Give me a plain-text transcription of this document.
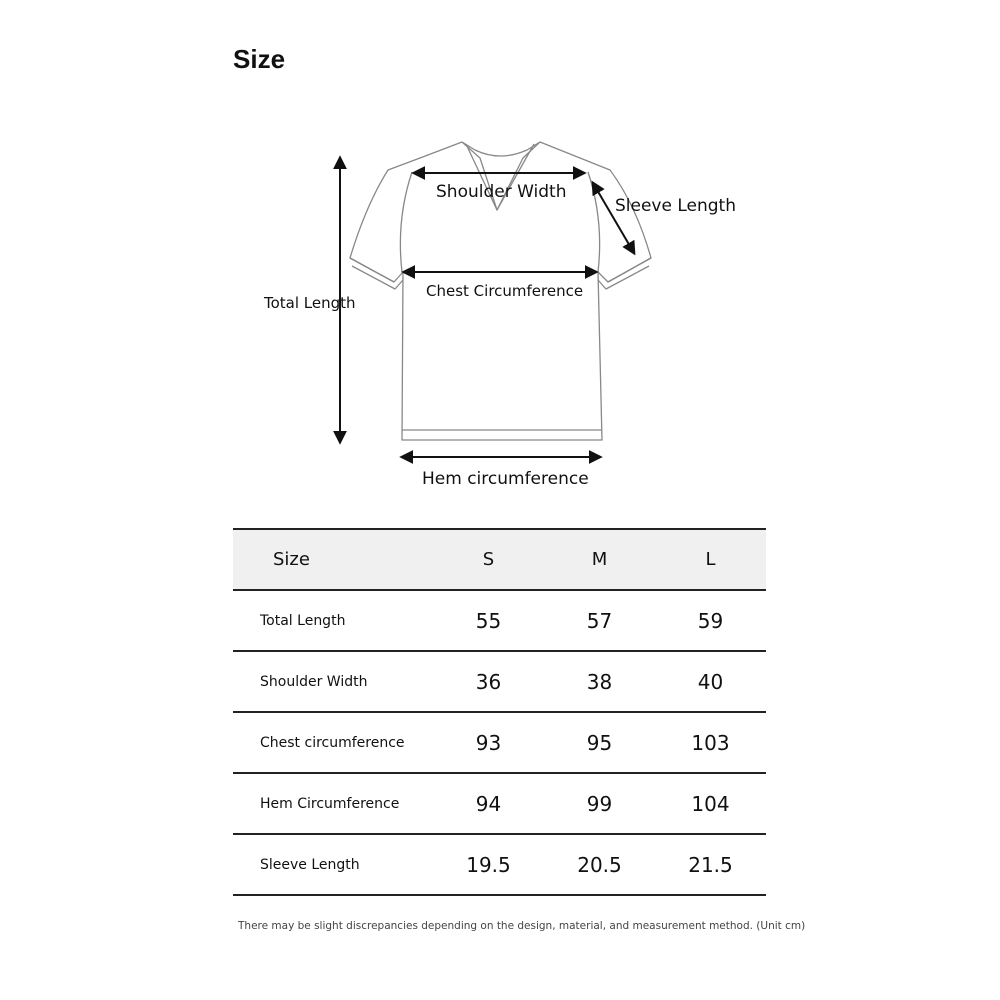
Size
Shoulder Width
Sleeve Length
Total Length
Chest Circumference
Hem circumference
Size	S	M	L
Total Length	55	57	59
Shoulder Width	36	38	40
Chest circumference	93	95	103
Hem Circumference	94	99	104
Sleeve Length	19.5	20.5	21.5
There may be slight discrepancies depending on the design, material, and measurement method. (Unit cm)
